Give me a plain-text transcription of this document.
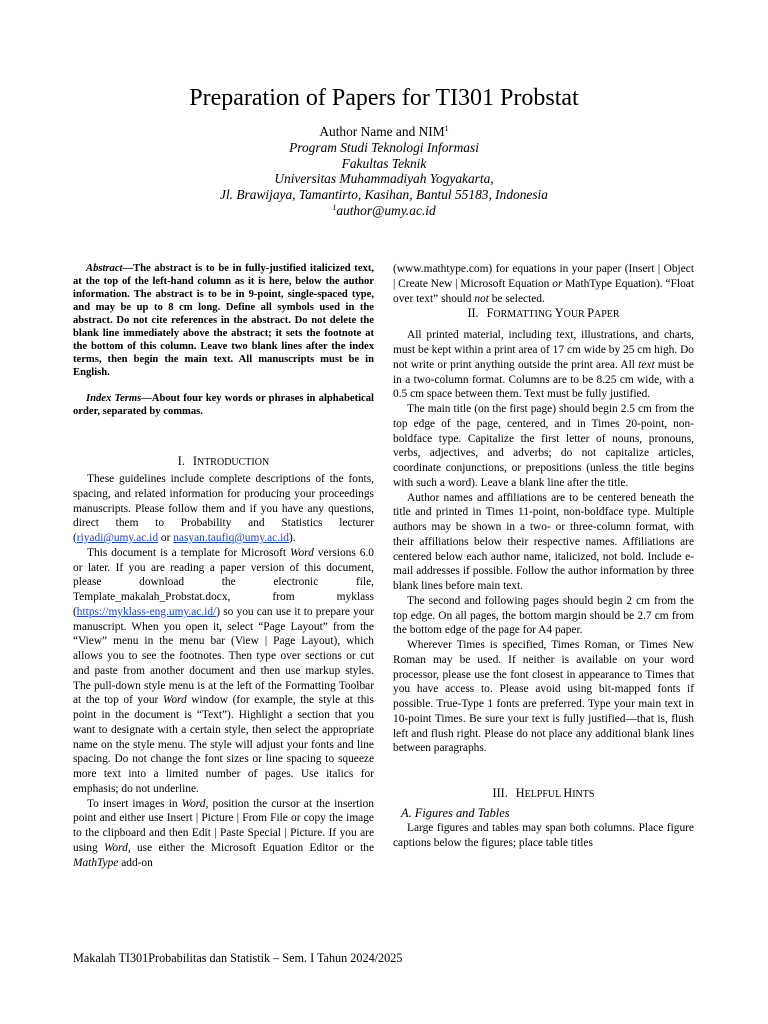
Preparation of Papers for TI301 Probstat
Author Name and NIM$^1$
Program Studi Teknologi Informasi
Fakultas Teknik
Universitas Muhammadiyah Yogyakarta,
Jl. Brawijaya, Tamantirto, Kasihan, Bantul 55183, Indonesia
$^1$author@umy.ac.id

Abstract—The abstract is to be in fully-justified italicized text, at the top of the left-hand column as it is here, below the author information. The abstract is to be in 9-point, single-spaced type, and may be up to 8 cm long. Define all symbols used in the abstract. Do not cite references in the abstract. Do not delete the blank line immediately above the abstract; it sets the footnote at the bottom of this column. Leave two blank lines after the index terms, then begin the main text. All manuscripts must be in English.

Index Terms—About four key words or phrases in alphabetical order, separated by commas.

I. INTRODUCTION

These guidelines include complete descriptions of the fonts, spacing, and related information for producing your proceedings manuscripts. Please follow them and if you have any questions, direct them to Probability and Statistics lecturer (riyadi@umy.ac.id or nasyan.taufiq@umy.ac.id).

This document is a template for Microsoft Word versions 6.0 or later. If you are reading a paper version of this document, please download the electronic file, Template_makalah_Probstat.docx, from myklass (https://myklass-eng.umy.ac.id/) so you can use it to prepare your manuscript. When you open it, select “Page Layout” from the “View” menu in the menu bar (View | Page Layout), which allows you to see the footnotes. Then type over sections or cut and paste from another document and then use markup styles. The pull-down style menu is at the left of the Formatting Toolbar at the top of your Word window (for example, the style at this point in the document is “Text”). Highlight a section that you want to designate with a certain style, then select the appropriate name on the style menu. The style will adjust your fonts and line spacing. Do not change the font sizes or line spacing to squeeze more text into a limited number of pages. Use italics for emphasis; do not underline.

To insert images in Word, position the cursor at the insertion point and either use Insert | Picture | From File or copy the image to the clipboard and then Edit | Paste Special | Picture. If you are using Word, use either the Microsoft Equation Editor or the MathType add-on

(www.mathtype.com) for equations in your paper (Insert | Object | Create New | Microsoft Equation or MathType Equation). “Float over text” should not be selected.

II. FORMATTING YOUR PAPER

All printed material, including text, illustrations, and charts, must be kept within a print area of 17 cm wide by 25 cm high. Do not write or print anything outside the print area. All text must be in a two-column format. Columns are to be 8.25 cm wide, with a 0.5 cm space between them. Text must be fully justified.

The main title (on the first page) should begin 2.5 cm from the top edge of the page, centered, and in Times 20-point, non-boldface type. Capitalize the first letter of nouns, pronouns, verbs, adjectives, and adverbs; do not capitalize articles, coordinate conjunctions, or prepositions (unless the title begins with such a word). Leave a blank line after the title.

Author names and affiliations are to be centered beneath the title and printed in Times 11-point, non-boldface type. Multiple authors may be shown in a two- or three-column format, with their affiliations below their respective names. Affiliations are centered below each author name, italicized, not bold. Include e-mail addresses if possible. Follow the author information by three blank lines before main text.

The second and following pages should begin 2 cm from the top edge. On all pages, the bottom margin should be 2.7 cm from the bottom edge of the page for A4 paper.

Wherever Times is specified, Times Roman, or Times New Roman may be used. If neither is available on your word processor, please use the font closest in appearance to Times that you have access to. Please avoid using bit-mapped fonts if possible. True-Type 1 fonts are preferred. Type your main text in 10-point Times. Be sure your text is fully justified—that is, flush left and flush right. Please do not place any additional blank lines between paragraphs.

III. HELPFUL HINTS
A. Figures and Tables

Large figures and tables may span both columns. Place figure captions below the figures; place table titles

Makalah TI301Probabilitas dan Statistik – Sem. I Tahun 2024/2025
